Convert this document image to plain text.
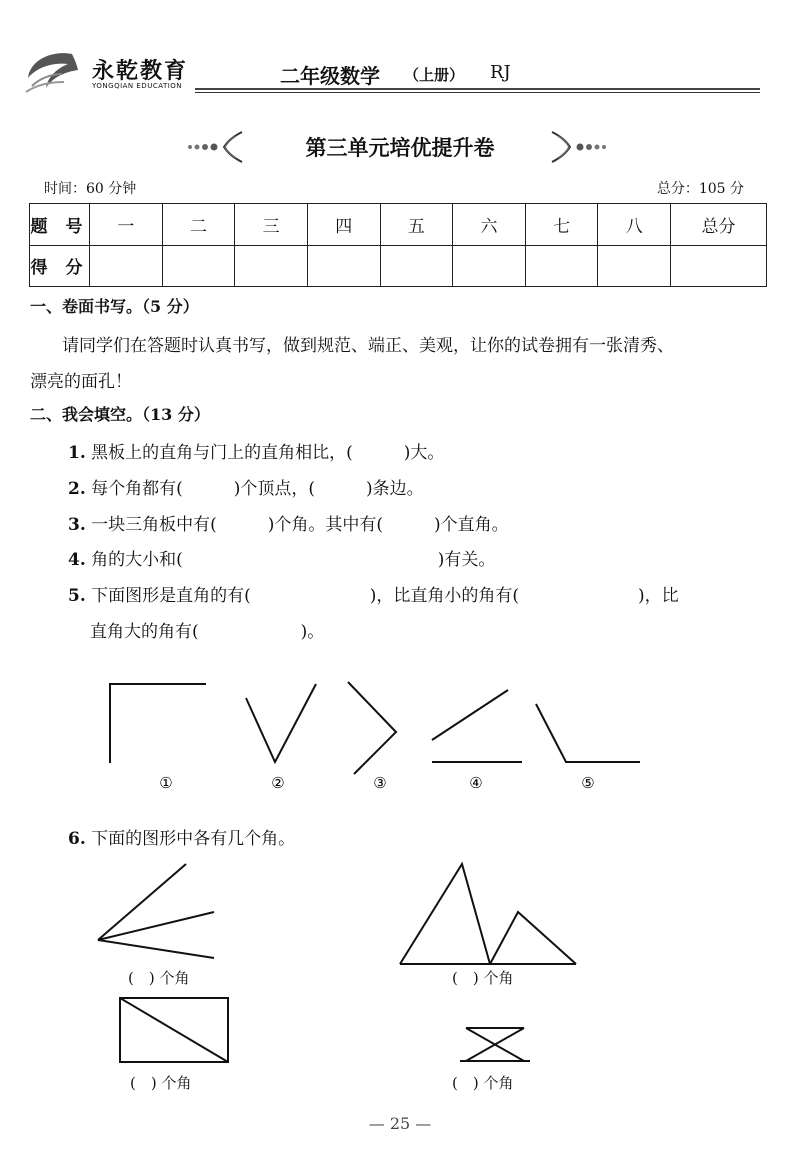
永乾教育
YONGQIAN EDUCATION	二年级数学 （上册） RJ
第三单元培优提升卷
时间：60 分钟	总分：105 分
题 号	一	二	三	四	五	六	七	八	总分
得 分									
一、卷面书写。（5 分）
请同学们在答题时认真书写，做到规范、端正、美观，让你的试卷拥有一张清秀、
漂亮的面孔！
二、我会填空。（13 分）
1. 黑板上的直角与门上的直角相比，(　　　)大。
2. 每个角都有(　　　)个顶点，(　　　)条边。
3. 一块三角板中有(　　　)个角。其中有(　　　)个直角。
4. 角的大小和(　　　　　　　　　　　　　　　)有关。
5. 下面图形是直角的有(　　　　　　　)，比直角小的角有(　　　　　　　)，比
直角大的角有(　　　　　　)。
①	②	③	④	⑤
6. 下面的图形中各有几个角。
(　) 个角	(　) 个角
(　) 个角	(　) 个角
— 25 —
